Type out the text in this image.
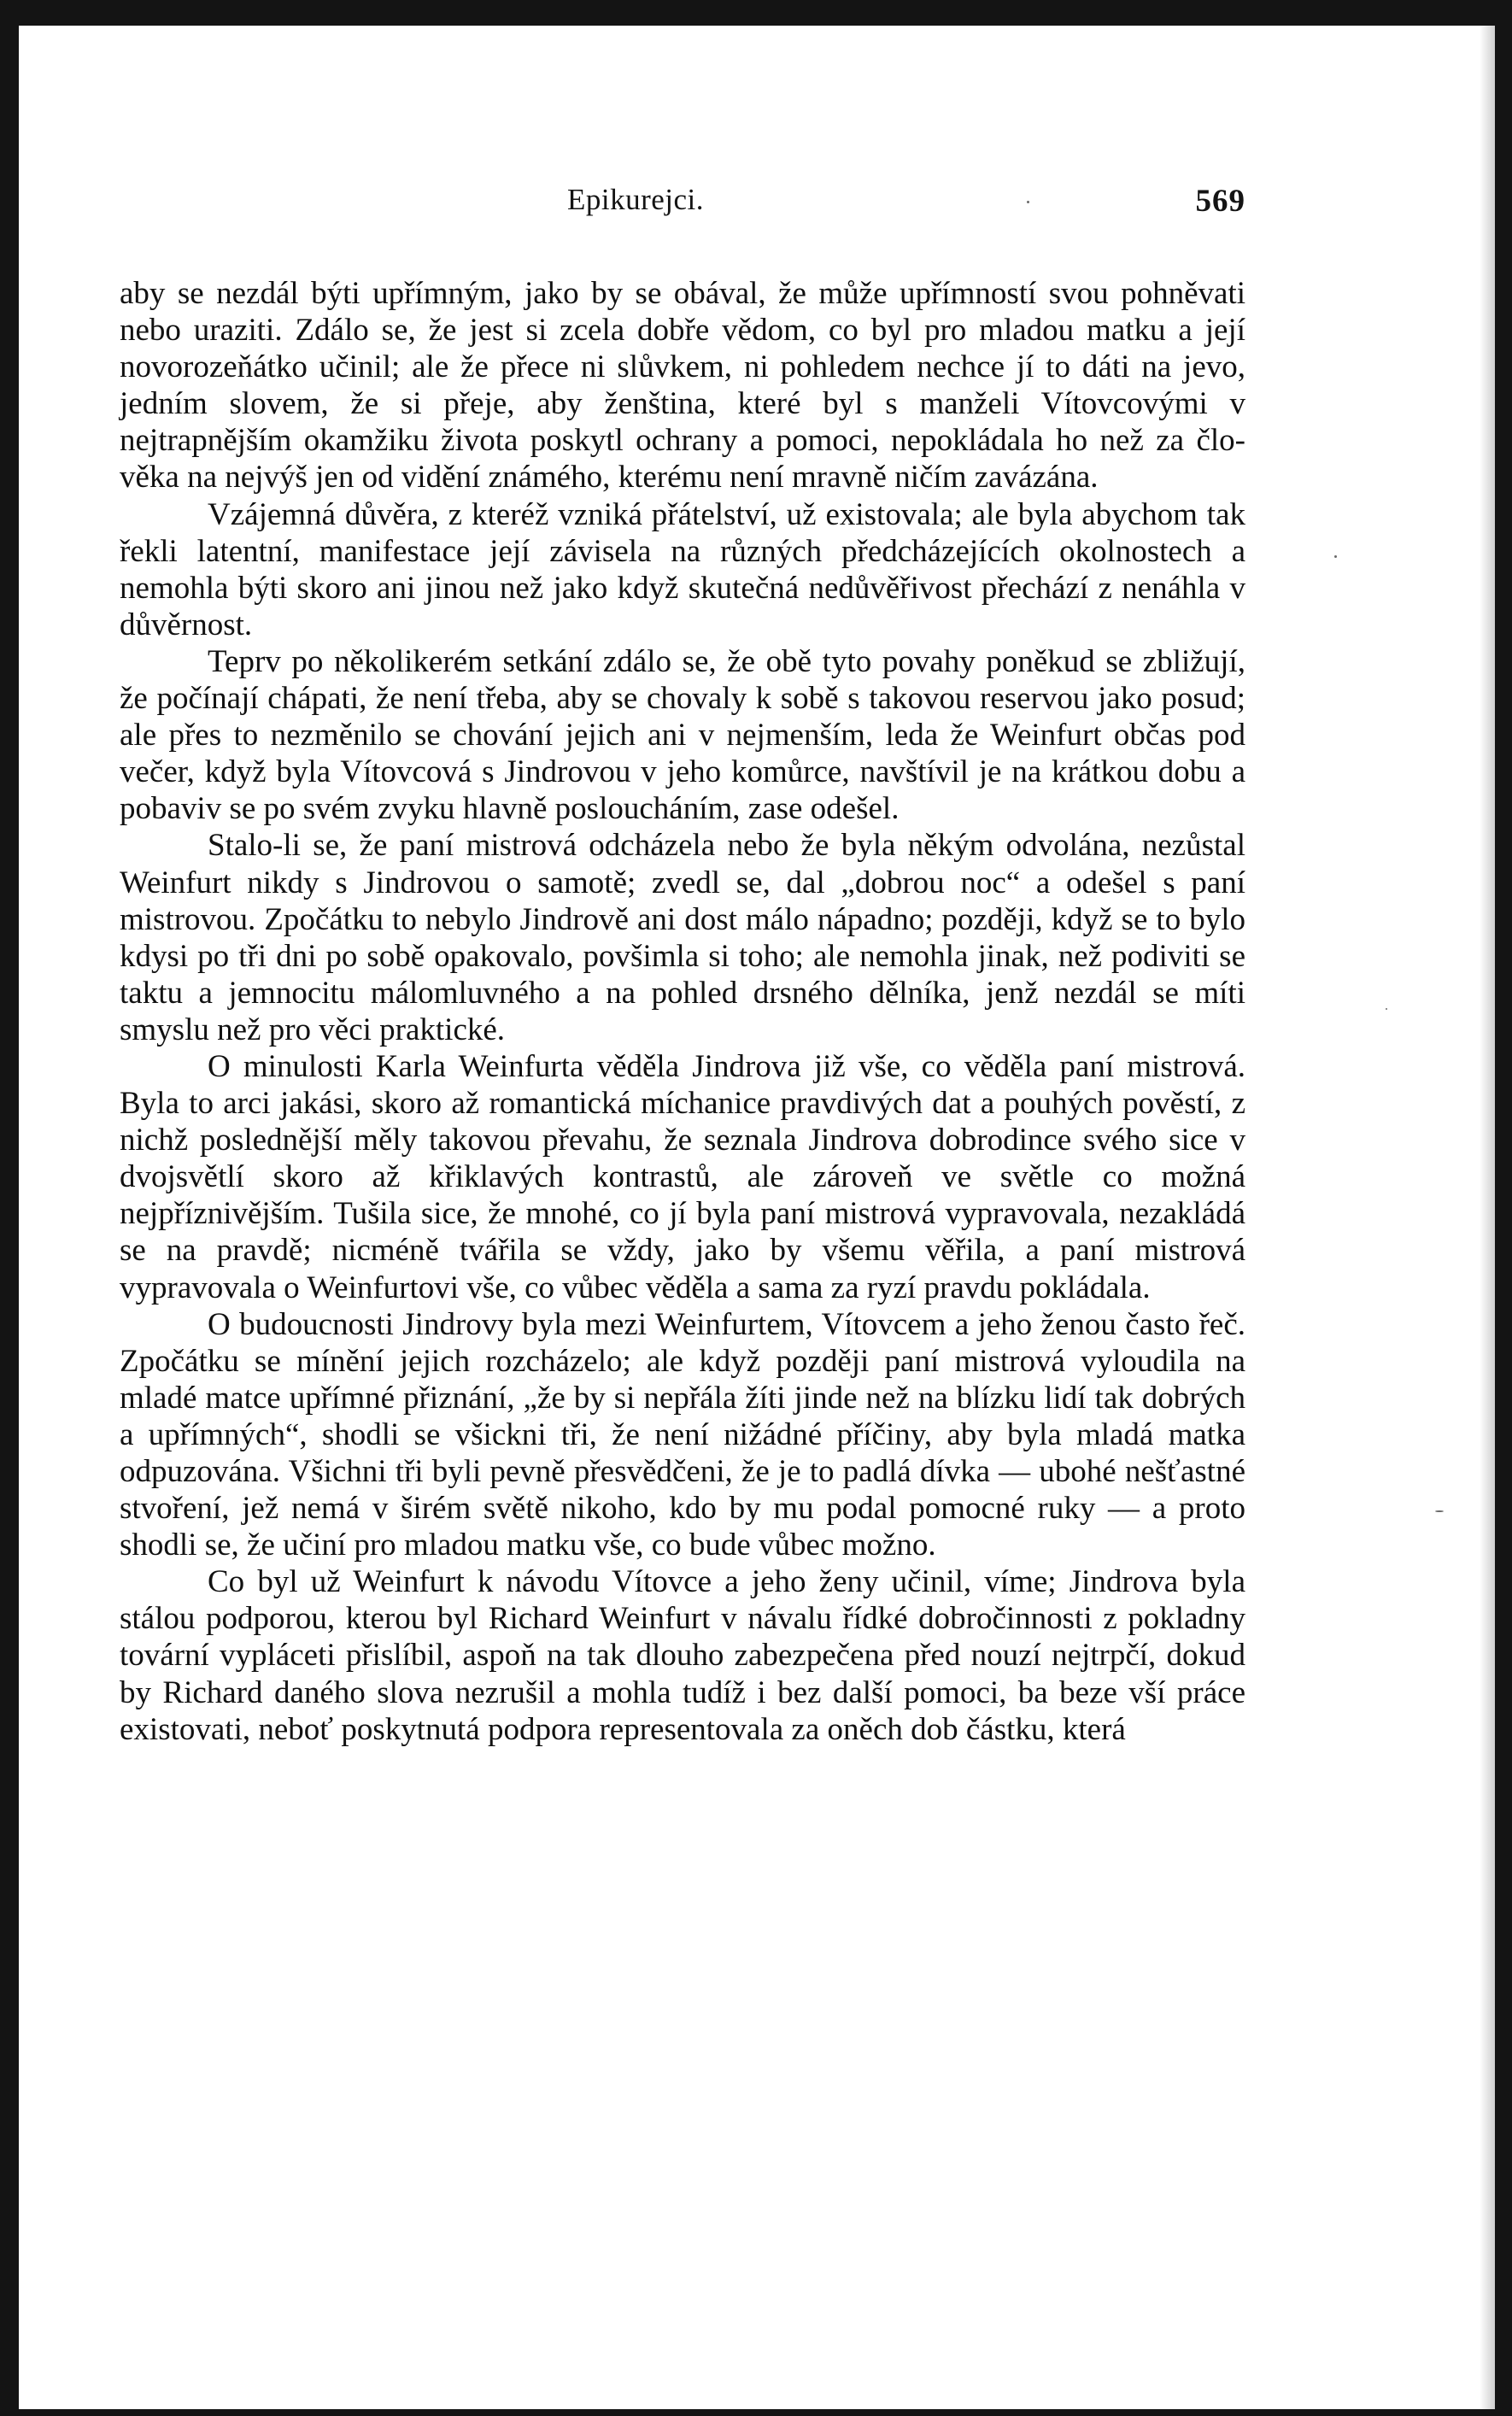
Epikurejci.	569

aby se nezdál býti upřímným, jako by se obával, že může upřímností svou pohněvati nebo uraziti. Zdálo se, že jest si zcela dobře vědom, co byl pro mladou matku a její novorozeňátko učinil; ale že přece ni slůvkem, ni pohledem nechce jí to dáti na jevo, jedním slovem, že si přeje, aby ženština, které byl s manželi Vítovcovými v nejtrapnějším okamžiku života poskytl ochrany a pomoci, nepokládala ho než za člověka na nejvýš jen od vidění známého, kterému není mravně ničím zavázána.

Vzájemná důvěra, z kteréž vzniká přátelství, už existovala; ale byla abychom tak řekli latentní, manifestace její závisela na různých předcházejících okolnostech a nemohla býti skoro ani jinou než jako když skutečná nedůvěřivost přechází z nenáhla v důvěrnost.

Teprv po několikerém setkání zdálo se, že obě tyto povahy poněkud se zbližují, že počínají chápati, že není třeba, aby se chovaly k sobě s takovou reservou jako posud; ale přes to nezměnilo se chování jejich ani v nejmenším, leda že Weinfurt občas pod večer, když byla Vítovcová s Jindrovou v jeho komůrce, navštívil je na krátkou dobu a pobaviv se po svém zvyku hlavně posloucháním, zase odešel.

Stalo-li se, že paní mistrová odcházela nebo že byla někým odvolána, nezůstal Weinfurt nikdy s Jindrovou o samotě; zvedl se, dal „dobrou noc“ a odešel s paní mistrovou. Zpočátku to nebylo Jindrově ani dost málo nápadno; později, když se to bylo kdysi po tři dni po sobě opakovalo, povšimla si toho; ale nemohla jinak, než podiviti se taktu a jemnocitu málomluvného a na pohled drsného dělníka, jenž nezdál se míti smyslu než pro věci praktické.

O minulosti Karla Weinfurta věděla Jindrova již vše, co věděla paní mistrová. Byla to arci jakási, skoro až romantická míchanice pravdivých dat a pouhých pověstí, z nichž poslednější měly takovou převahu, že seznala Jindrova dobrodince svého sice v dvojsvětlí skoro až křiklavých kontrastů, ale zároveň ve světle co možná nejpříznivějším. Tušila sice, že mnohé, co jí byla paní mistrová vypravovala, nezakládá se na pravdě; nicméně tvářila se vždy, jako by všemu věřila, a paní mistrová vypravovala o Weinfurtovi vše, co vůbec věděla a sama za ryzí pravdu pokládala.

O budoucnosti Jindrovy byla mezi Weinfurtem, Vítovcem a jeho ženou často řeč. Zpočátku se mínění jejich rozcházelo; ale když později paní mistrová vyloudila na mladé matce upřímné přiznání, „že by si nepřála žíti jinde než na blízku lidí tak dobrých a upřímných“, shodli se všickni tři, že není nižádné příčiny, aby byla mladá matka odpuzována. Všichni tři byli pevně přesvědčeni, že je to padlá dívka — ubohé nešťastné stvoření, jež nemá v širém světě nikoho, kdo by mu podal pomocné ruky — a proto shodli se, že učiní pro mladou matku vše, co bude vůbec možno.

Co byl už Weinfurt k návodu Vítovce a jeho ženy učinil, víme; Jindrova byla stálou podporou, kterou byl Richard Weinfurt v návalu řídké dobročinnosti z pokladny tovární vypláceti přislíbil, aspoň na tak dlouho zabezpečena před nouzí nejtrpčí, dokud by Richard daného slova nezrušil a mohla tudíž i bez další pomoci, ba beze vší práce existovati, neboť poskytnutá podpora representovala za oněch dob částku, která
